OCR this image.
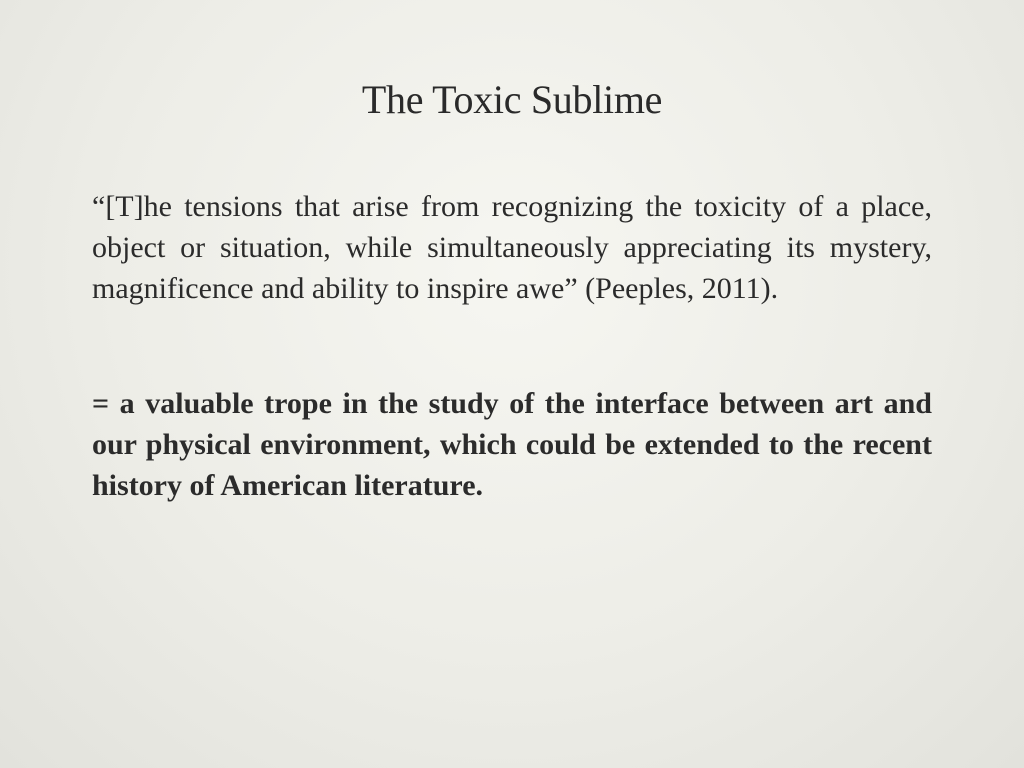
The Toxic Sublime

“[T]he tensions that arise from recognizing the toxicity of a place, object or situation, while simultaneously appreciating its mystery, magnificence and ability to inspire awe” (Peeples, 2011).

= a valuable trope in the study of the interface between art and our physical environment, which could be extended to the recent history of American literature.
